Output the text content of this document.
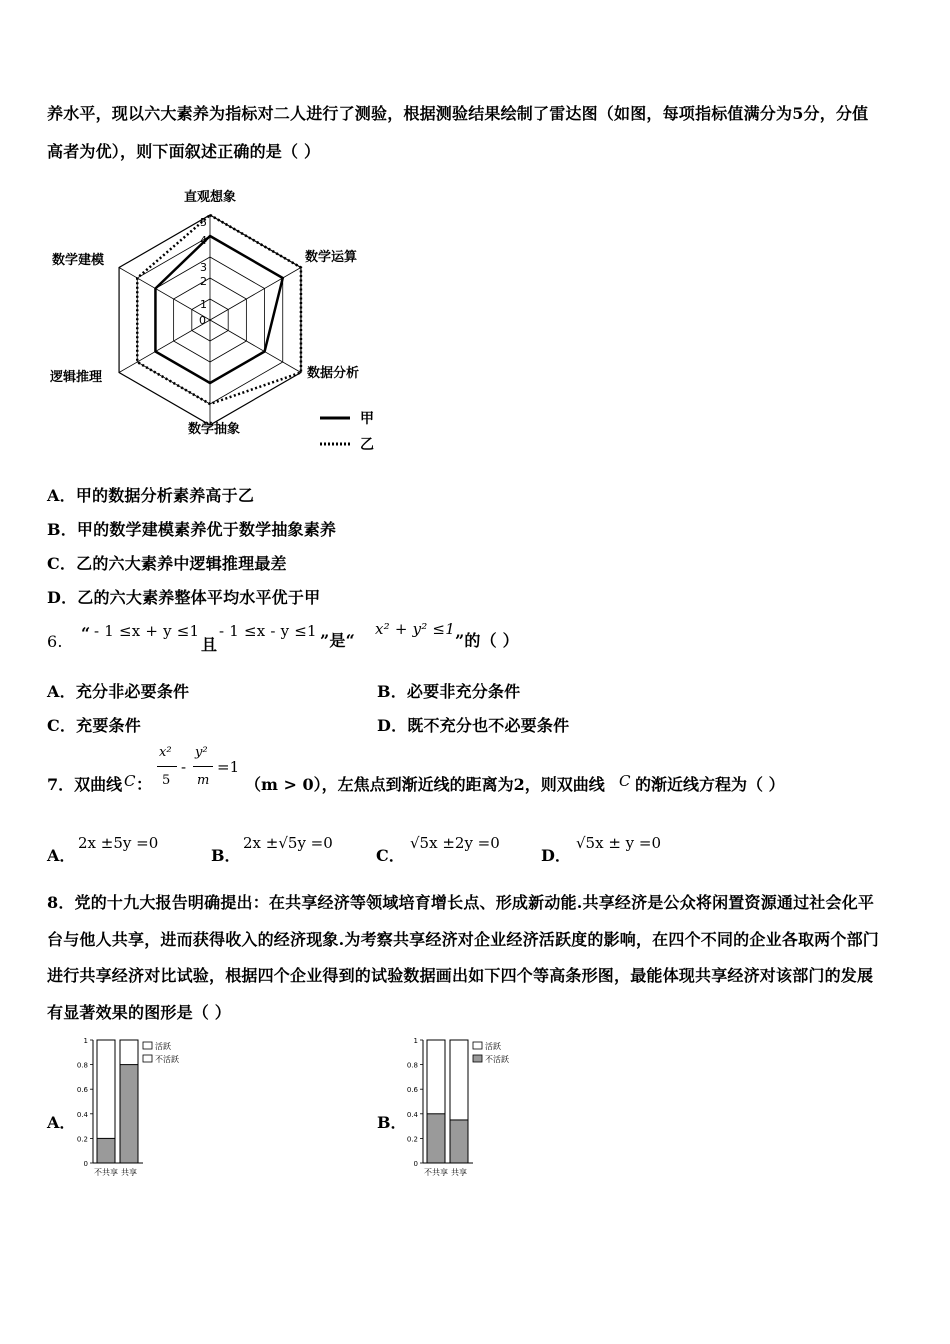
养水平，现以六大素养为指标对二人进行了测验，根据测验结果绘制了雷达图（如图，每项指标值满分为5分，分值
高者为优），则下面叙述正确的是（ ）
直观想象
数学运算
数据分析
数学抽象
逻辑推理
数学建模
0
1
2
3
4
5
甲
乙
A．甲的数据分析素养高于乙
B．甲的数学建模素养优于数学抽象素养
C．乙的六大素养中逻辑推理最差
D．乙的六大素养整体平均水平优于甲
6. “ - 1 ≤x + y ≤1
且
- 1 ≤x - y ≤1 ”是“
x² + y² ≤1
”的（ ）
A．充分非必要条件	B．必要非充分条件
C．充要条件	D．既不充分也不必要条件
7．双曲线 C ：
x²
5
-
y²
m
=1
（m > 0），左焦点到渐近线的距离为2，则双曲线 C 的渐近线方程为（ ）
A．
2x ±5y =0
B．
2x ±√5y =0
C．
√5x ±2y =0
D．
√5x ± y =0
8．党的十九大报告明确提出：在共享经济等领域培育增长点、形成新动能.共享经济是公众将闲置资源通过社会化平
台与他人共享，进而获得收入的经济现象.为考察共享经济对企业经济活跃度的影响，在四个不同的企业各取两个部门
进行共享经济对比试验，根据四个企业得到的试验数据画出如下四个等高条形图，最能体现共享经济对该部门的发展
有显著效果的图形是（ ）
A．	B．
0
0.2
0.4
0.6
0.8
1
不共享 共享
活跃
不活跃
0
0.2
0.4
0.6
0.8
1
不共享 共享
活跃
不活跃
